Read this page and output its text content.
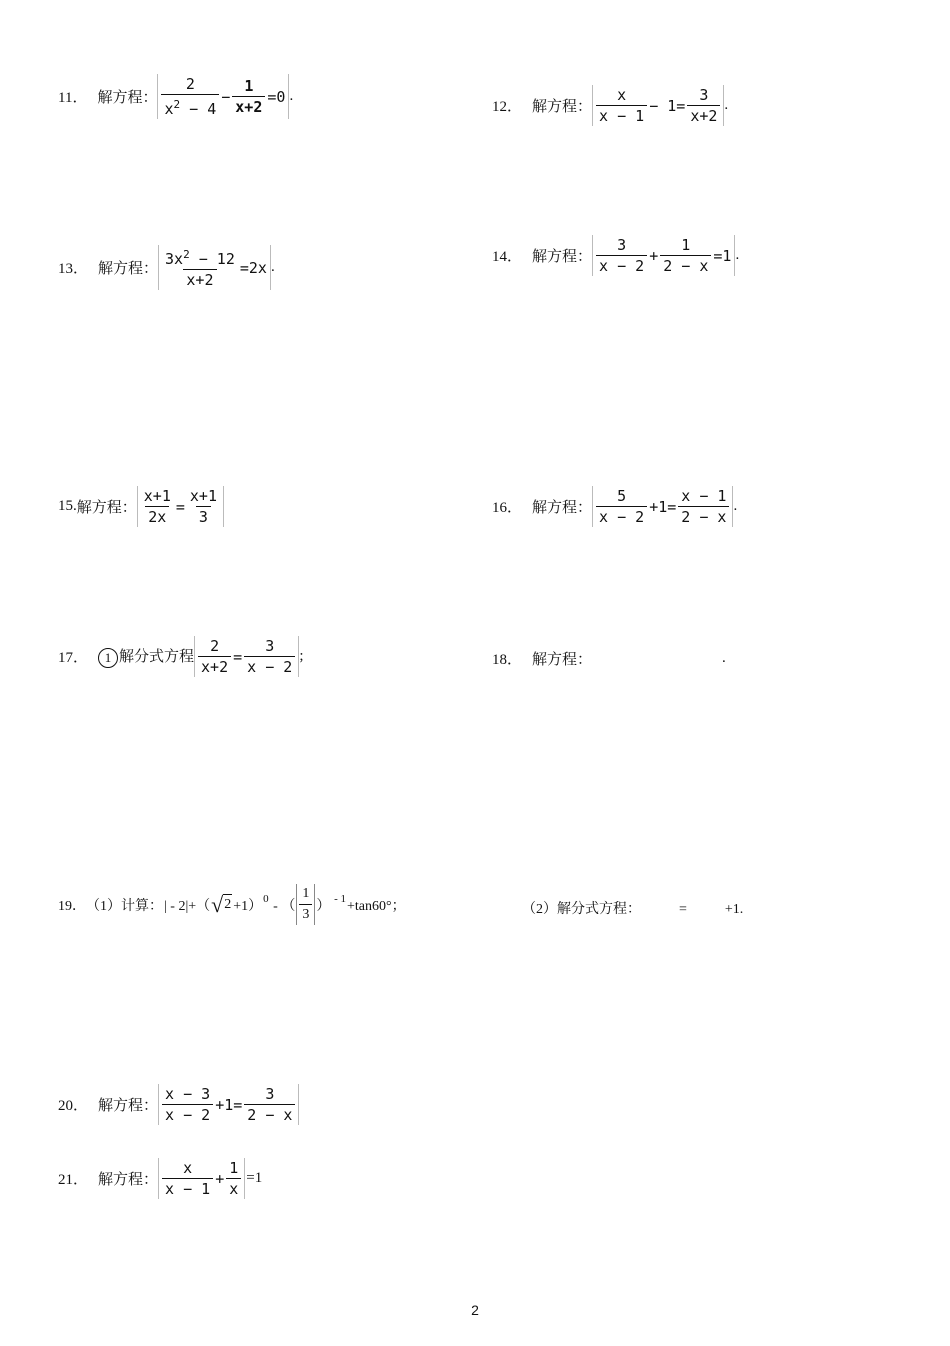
11． 解方程： $\frac{2}{x^2 - 4} - \frac{1}{x+2} =0$ .
12． 解方程： $\frac{x}{x - 1} - 1= \frac{3}{x+2}$ .
13． 解方程： $\frac{3x^2 - 12}{x+2} =2x$ .
14． 解方程： $\frac{3}{x - 2} + \frac{1}{2 - x} =1$ .
15.解方程： $\frac{x+1}{2x} = \frac{x+1}{3}$	16． 解方程： $\frac{5}{x - 2} +1= \frac{x - 1}{2 - x}$ .
17． 1 解分式方程 $\frac{2}{x+2} = \frac{3}{x - 2}$ ;	18． 解方程：	.
19．（1）计算：| - 2|+（ √ 2 +1）$^0$ - （ $\frac{1}{3}$ ） $^{- 1}$+tan60°；	（2）解分式方程：	=	+1.
20． 解方程： $\frac{x - 3}{x - 2} +1= \frac{3}{2 - x}$
21． 解方程： $\frac{x}{x - 1} + \frac{1}{x} =1$
2
